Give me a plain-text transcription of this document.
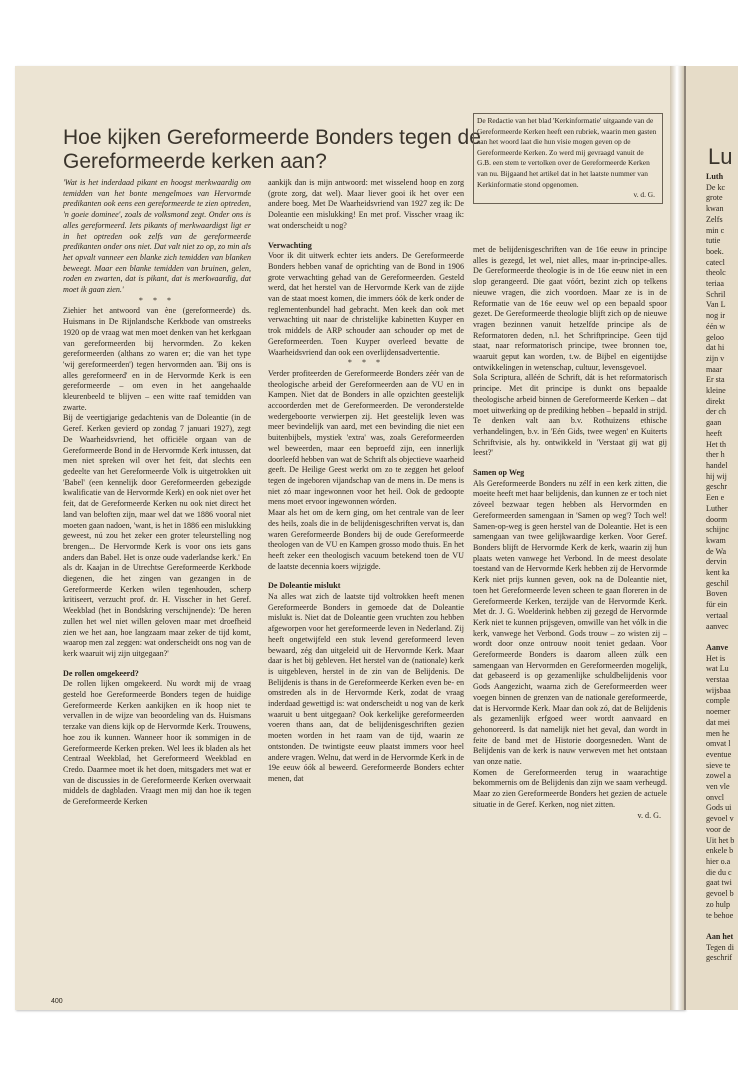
Hoe kijken Gereformeerde Bonders tegen de Gereformeerde kerken aan?

De Redactie van het blad 'Kerkinformatie' uitgaande van de Gereformeerde Kerken heeft een rubriek, waarin men gasten aan het woord laat die hun visie mogen geven op de Gereformeerde Kerken. Zo werd mij gevraagd vanuit de G.B. een stem te vertolken over de Gereformeerde Kerken van nu. Bijgaand het artikel dat in het laatste nummer van Kerkinformatie stond opgenomen.

v. d. G.

'Wat is het inderdaad pikant en hoogst merkwaardig om temidden van het bonte mengelmoes van Hervormde predikanten ook eens een gereformeerde te zien optreden, 'n goeie dominee', zoals de volksmond zegt. Onder ons is alles gereformeerd. Iets pikants of merkwaardigst ligt er in het optreden ook zelfs van de gereformeerde predikanten onder ons niet. Dat valt niet zo op, zo min als het opvalt vanneer een blanke zich temidden van blanken beweegt. Maar een blanke temidden van bruinen, gelen, roden en zwarten, dat is pikant, dat is merkwaardig, dat moet ik gaan zien.'

* * *

Ziehier het antwoord van ène (gereformeerde) ds. Huismans in De Rijnlandsche Kerkbode van omstreeks 1920 op de vraag wat men moet denken van het kerkgaan van gereformeerden bij hervormden. Zo keken gereformeerden (althans zo waren er; die van het type 'wij gereformeerden') tegen hervormden aan. 'Bij ons is alles gereformeerd' en in de Hervormde Kerk is een gereformeerde – om even in het aangehaalde kleurenbeeld te blijven – een witte raaf temidden van zwarte.

Bij de veertigjarige gedachtenis van de Doleantie (in de Geref. Kerken gevierd op zondag 7 januari 1927), zegt De Waarheidsvriend, het officiële orgaan van de Gereformeerde Bond in de Hervormde Kerk intussen, dat men niet spreken wil over het feit, dat slechts een gedeelte van het Gereformeerde Volk is uitgetrokken uit 'Babel' (een kennelijk door Gereformeerden gebezigde kwalificatie van de Hervormde Kerk) en ook niet over het feit, dat de Gereformeerde Kerken nu ook niet direct het land van beloften zijn, maar wel dat we 1886 vooral niet moeten gaan nadoen, 'want, is het in 1886 een mislukking geweest, nú zou het zeker een groter teleurstelling nog brengen... De Hervormde Kerk is voor ons iets gans anders dan Babel. Het is onze oude vaderlandse kerk.' En als dr. Kaajan in de Utrechtse Gereformeerde Kerkbode diegenen, die het zingen van gezangen in de Gereformeerde Kerken wilen tegenhouden, scherp kritiseert, verzucht prof. dr. H. Visscher in het Geref. Weekblad (het in Bondskring verschijnende): 'De heren zullen het wel niet willen geloven maar met droefheid zien we het aan, hoe langzaam maar zeker de tijd komt, waarop men zal zeggen: wat onderscheidt ons nog van de kerk waaruit wij zijn uitgegaan?'

De rollen omgekeerd?

De rollen lijken omgekeerd. Nu wordt mij de vraag gesteld hoe Gereformeerde Bonders tegen de huidige Gereformeerde Kerken aankijken en ik hoop niet te vervallen in de wijze van beoordeling van ds. Huismans terzake van diens kijk op de Hervormde Kerk. Trouwens, hoe zou ik kunnen. Wanneer hoor ik sommigen in de Gereformeerde Kerken preken. Wel lees ik bladen als het Centraal Weekblad, het Gereformeerd Weekblad en Credo. Daarmee moet ik het doen, mitsgaders met wat er van de discussies in de Gereformeerde Kerken overwaait middels de dagbladen. Vraagt men mij dan hoe ik tegen de Gereformeerde Kerken

aankijk dan is mijn antwoord: met wisselend hoop en zorg (grote zorg, dat wel). Maar liever gooi ik het over een andere boeg. Met De Waarheidsvriend van 1927 zeg ik: De Doleantie een mislukking! En met prof. Visscher vraag ik: wat onderscheidt u nog?

Verwachting

Voor ik dit uitwerk echter iets anders. De Gereformeerde Bonders hebben vanaf de oprichting van de Bond in 1906 grote verwachting gehad van de Gereformeerden. Gesteld werd, dat het herstel van de Hervormde Kerk van de zijde van de staat moest komen, die immers óók de kerk onder de reglementenbundel had gebracht. Men keek dan ook met verwachting uit naar de christelijke kabinetten Kuyper en trok middels de ARP schouder aan schouder op met de Gereformeerden. Toen Kuyper overleed bevatte de Waarheidsvriend dan ook een overlijdensadvertentie.

* * *

Verder profiteerden de Gereformeerde Bonders zéér van de theologische arbeid der Gereformeerden aan de VU en in Kampen. Niet dat de Bonders in alle opzichten geestelijk accoorderden met de Gereformeerden. De veronderstelde wedergeboorte verwierpen zij. Het geestelijk leven was meer bevindelijk van aard, met een bevinding die niet een buitenbijbels, mystiek 'extra' was, zoals Gereformeerden wel beweerden, maar een beproefd zijn, een innerlijk doorleefd hebben van wat de Schrift als objectieve waarheid geeft. De Heilige Geest werkt om zo te zeggen het geloof tegen de ingeboren vijandschap van de mens in. De mens is niet zó maar ingewonnen voor het heil. Ook de gedoopte mens moet ervoor ingewonnen wórden.

Maar als het om de kern ging, om het centrale van de leer des heils, zoals die in de belijdenisgeschriften vervat is, dan waren Gereformeerde Bonders bij de oude Gereformeerde theologen van de VU en Kampen grosso modo thuis. En het heeft zeker een theologisch vacuum betekend toen de VU de laatste decennia koers wijzigde.

De Doleantie mislukt

Na alles wat zich de laatste tijd voltrokken heeft menen Gereformeerde Bonders in gemoede dat de Doleantie mislukt is. Niet dat de Doleantie geen vruchten zou hebben afgeworpen voor het gereformeerde leven in Nederland. Zij heeft ongetwijfeld een stuk levend gereformeerd leven bewaard, zég dan uitgeleid uit de Hervormde Kerk. Maar daar is het bij gebleven. Het herstel van de (nationale) kerk is uitgebleven, herstel in de zin van de Belijdenis. De Belijdenis is thans in de Gereformeerde Kerken even be- en omstreden als in de Hervormde Kerk, zodat de vraag inderdaad gewettigd is: wat onderscheidt u nog van de kerk waaruit u bent uitgegaan? Ook kerkelijke gereformeerden voeren thans aan, dat de belijdenisgeschriften gezien moeten worden in het raam van de tijd, waarin ze ontstonden. De twintigste eeuw plaatst immers voor heel andere vragen. Welnu, dat werd in de Hervormde Kerk in de 19e eeuw óók al beweerd. Gereformeerde Bonders echter menen, dat

met de belijdenisgeschriften van de 16e eeuw in principe alles is gezegd, let wel, niet alles, maar in-principe-alles. De Gereformeerde theologie is in de 16e eeuw niet in een slop gerangeerd. Die gaat vóórt, bezint zich op telkens nieuwe vragen, die zich voordoen. Maar ze is in de Reformatie van de 16e eeuw wel op een bepaald spoor gezet. De Gereformeerde theologie blijft zich op de nieuwe vragen bezinnen vanuit hetzelfde principe als de Reformatoren deden, n.l. het Schriftprincipe. Geen tijd staat, naar reformatorisch principe, twee bronnen toe, waaruit geput kan worden, t.w. de Bijbel en eigentijdse ontwikkelingen in wetenschap, cultuur, levensgevoel.

Sola Scriptura, alléén de Schrift, dát is het reformatorisch principe. Met dit principe is dunkt ons bepaalde theologische arbeid binnen de Gereformeerde Kerken – dat moet uitwerking op de prediking hebben – bepaald in strijd. Te denken valt aan b.v. Rothuizens ethische verhandelingen, b.v. in 'Eén Gids, twee wegen' en Kuiterts Schriftvisie, als hy. ontwikkeld in 'Verstaat gij wat gij leest?'

Samen op Weg

Als Gereformeerde Bonders nu zélf in een kerk zitten, die moeite heeft met haar belijdenis, dan kunnen ze er toch niet zóveel bezwaar tegen hebben als Hervormden en Gereformeerden samengaan in 'Samen op weg'? Toch wel! Samen-op-weg is geen herstel van de Doleantie. Het is een samengaan van twee gelijkwaardige kerken. Voor Geref. Bonders blijft de Hervormde Kerk de kerk, waarin zij hun plaats weten vanwege het Verbond. In de meest desolate toestand van de Hervormde Kerk hebben zij de Hervormde Kerk niet prijs kunnen geven, ook na de Doleantie niet, toen het Gereformeerde leven scheen te gaan floreren in de Gereformeerde Kerken, terzijde van de Hervormde Kerk. Met dr. J. G. Woelderink hebben zij gezegd de Hervormde Kerk niet te kunnen prijsgeven, omwille van het vólk in die kerk, vanwege het Verbond. Gods trouw – zo wisten zij – wordt door onze ontrouw nooit teniet gedaan. Voor Gereformeerde Bonders is daarom alleen zúlk een samengaan van Hervormden en Gereformeerden mogelijk, dat gebaseerd is op gezamenlijke schuldbelijdenis voor Gods Aangezicht, waarna zich de Gereformeerden weer voegen binnen de grenzen van de nationale gereformeerde, dat is Hervormde Kerk. Maar dan ook zó, dat de Belijdenis als gezamenlijk erfgoed weer wordt aanvaard en gehonoreerd. Is dat namelijk niet het geval, dan wordt in feite de band met de Historie doorgesneden. Want de Belijdenis van de kerk is nauw verweven met het ontstaan van onze natie.

Komen de Gereformeerden terug in waarachtige bekommernis om de Belijdenis dan zijn we saam verheugd. Maar zo zien Gereformeerde Bonders het gezien de actuele situatie in de Geref. Kerken, nog niet zitten.

v. d. G.

400
Lu

Luth

De kc

grote

kwan

Zelfs

min c

tutie

boek.

catecl

theolc

teriaa

Schril

Van L

nog ir

één w

geloo

dat hi

zijn v

maar

Er sta

kleine

direkt

der ch

gaan

heeft

Het th

ther h

handel

hij wij

geschr

Een e

Luther

doorm

schijnc

kwam

de Wa

dervin

kent ka

geschil

Boven

für ein

vertaal

aanvec

Aanve

Het is

wat Lu

verstaa

wijsbaa

comple

noemer

dat mei

men he

omvat l

eventue

sieve te

zowel a

ven vle

onvcl

Gods ui

gevoel v

voor de

Uit het b

enkele b

hier o.a

die du c

gaat twi

gevoel b

zo hulp

te behoe

Aan het

Tegen di

geschrif
